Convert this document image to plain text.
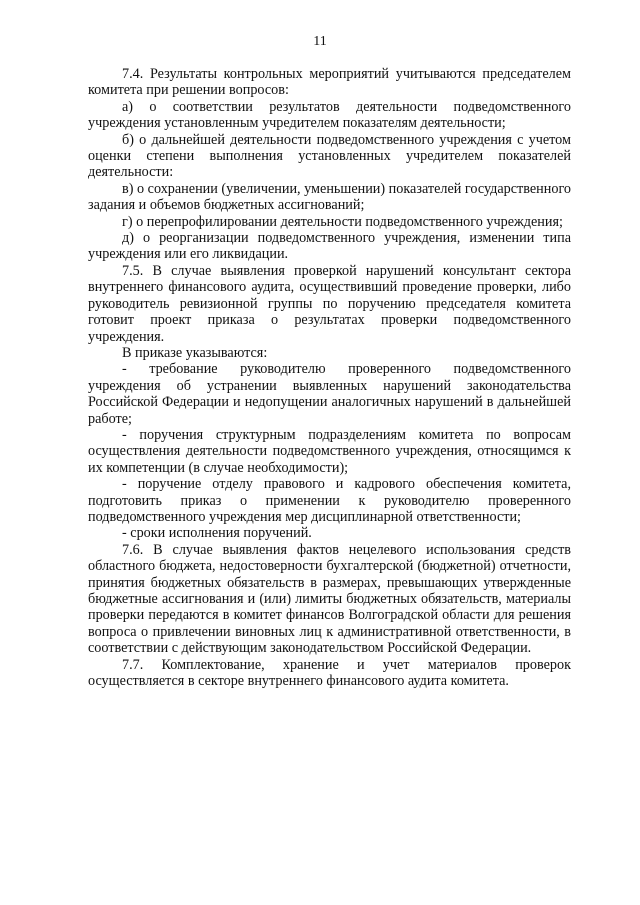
11

7.4. Результаты контрольных мероприятий учитываются председателем комитета при решении вопросов:

а) о соответствии результатов деятельности подведомственного учреждения установленным учредителем показателям деятельности;

б) о дальнейшей деятельности подведомственного учреждения с учетом оценки степени выполнения установленных учредителем показателей деятельности:

в) о сохранении (увеличении, уменьшении) показателей государственного задания и объемов бюджетных ассигнований;

г) о перепрофилировании деятельности подведомственного учреждения;

д) о реорганизации подведомственного учреждения, изменении типа учреждения или его ликвидации.

7.5. В случае выявления проверкой нарушений консультант сектора внутреннего финансового аудита, осуществивший проведение проверки, либо руководитель ревизионной группы по поручению председателя комитета готовит проект приказа о результатах проверки подведомственного учреждения.

В приказе указываются:

- требование руководителю проверенного подведомственного учреждения об устранении выявленных нарушений законодательства Российской Федерации и недопущении аналогичных нарушений в дальнейшей работе;

- поручения структурным подразделениям комитета по вопросам осуществления деятельности подведомственного учреждения, относящимся к их компетенции (в случае необходимости);

- поручение отделу правового и кадрового обеспечения комитета, подготовить приказ о применении к руководителю проверенного подведомственного учреждения мер дисциплинарной ответственности;

- сроки исполнения поручений.

7.6. В случае выявления фактов нецелевого использования средств областного бюджета, недостоверности бухгалтерской (бюджетной) отчетности, принятия бюджетных обязательств в размерах, превышающих утвержденные бюджетные ассигнования и (или) лимиты бюджетных обязательств, материалы проверки передаются в комитет финансов Волгоградской области для решения вопроса о привлечении виновных лиц к административной ответственности, в соответствии с действующим законодательством Российской Федерации.

7.7. Комплектование, хранение и учет материалов проверок осуществляется в секторе внутреннего финансового аудита комитета.
